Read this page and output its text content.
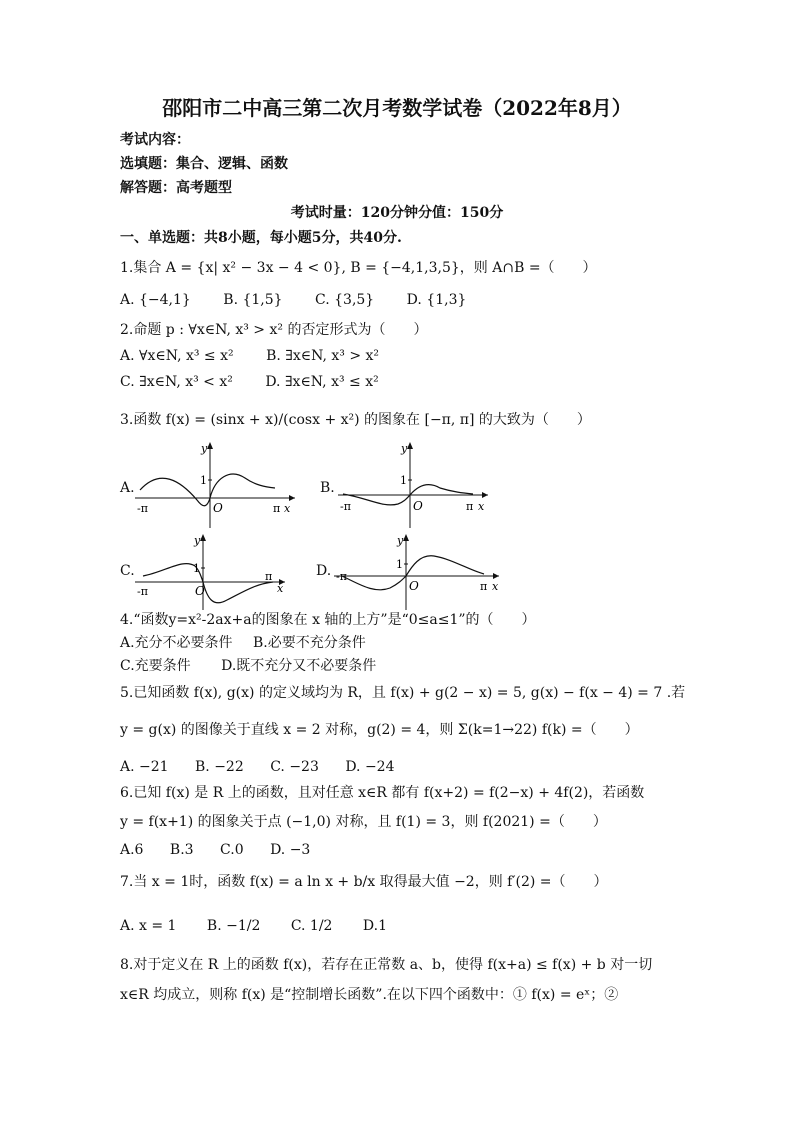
邵阳市二中高三第二次月考数学试卷（2022年8月）
考试内容：
选填题：集合、逻辑、函数
解答题：高考题型
考试时量：120分钟分值：150分
一、单选题：共8小题，每小题5分，共40分.
1.集合 A = {x| x² − 3x − 4 < 0}, B = {−4,1,3,5}，则 A∩B =（　　）
A. {−4,1} B. {1,5} C. {3,5} D. {1,3}
2.命题 p : ∀x∈N, x³ > x² 的否定形式为（　　）
A. ∀x∈N, x³ ≤ x² B. ∃x∈N, x³ > x²
C. ∃x∈N, x³ < x² D. ∃x∈N, x³ ≤ x²
3.函数 f(x) = (sinx + x)/(cosx + x²) 的图象在 [−π, π] 的大致为（　　）
A.	B.
C.	D.
y
1
O
-π	π x
y
1
O
-π	π x
y
1
O
-π
π
x
y
1
O
-π
π x
4.“函数y=x²-2ax+a的图象在 x 轴的上方”是“0≤a≤1”的（　　）
A.充分不必要条件 B.必要不充分条件
C.充要条件 D.既不充分又不必要条件
5.已知函数 f(x), g(x) 的定义域均为 R，且 f(x) + g(2 − x) = 5, g(x) − f(x − 4) = 7 .若
y = g(x) 的图像关于直线 x = 2 对称，g(2) = 4，则 Σ(k=1→22) f(k) =（　　）
A. −21 B. −22 C. −23 D. −24
6.已知 f(x) 是 R 上的函数，且对任意 x∈R 都有 f(x+2) = f(2−x) + 4f(2)，若函数
y = f(x+1) 的图象关于点 (−1,0) 对称，且 f(1) = 3，则 f(2021) =（　　）
A.6 B.3 C.0 D. −3
7.当 x = 1时，函数 f(x) = a ln x + b/x 取得最大值 −2，则 f′(2) =（　　）
A. x = 1 B. −1/2 C. 1/2 D.1
8.对于定义在 R 上的函数 f(x)，若存在正常数 a、b，使得 f(x+a) ≤ f(x) + b 对一切
x∈R 均成立，则称 f(x) 是“控制增长函数”.在以下四个函数中：① f(x) = eˣ；②
